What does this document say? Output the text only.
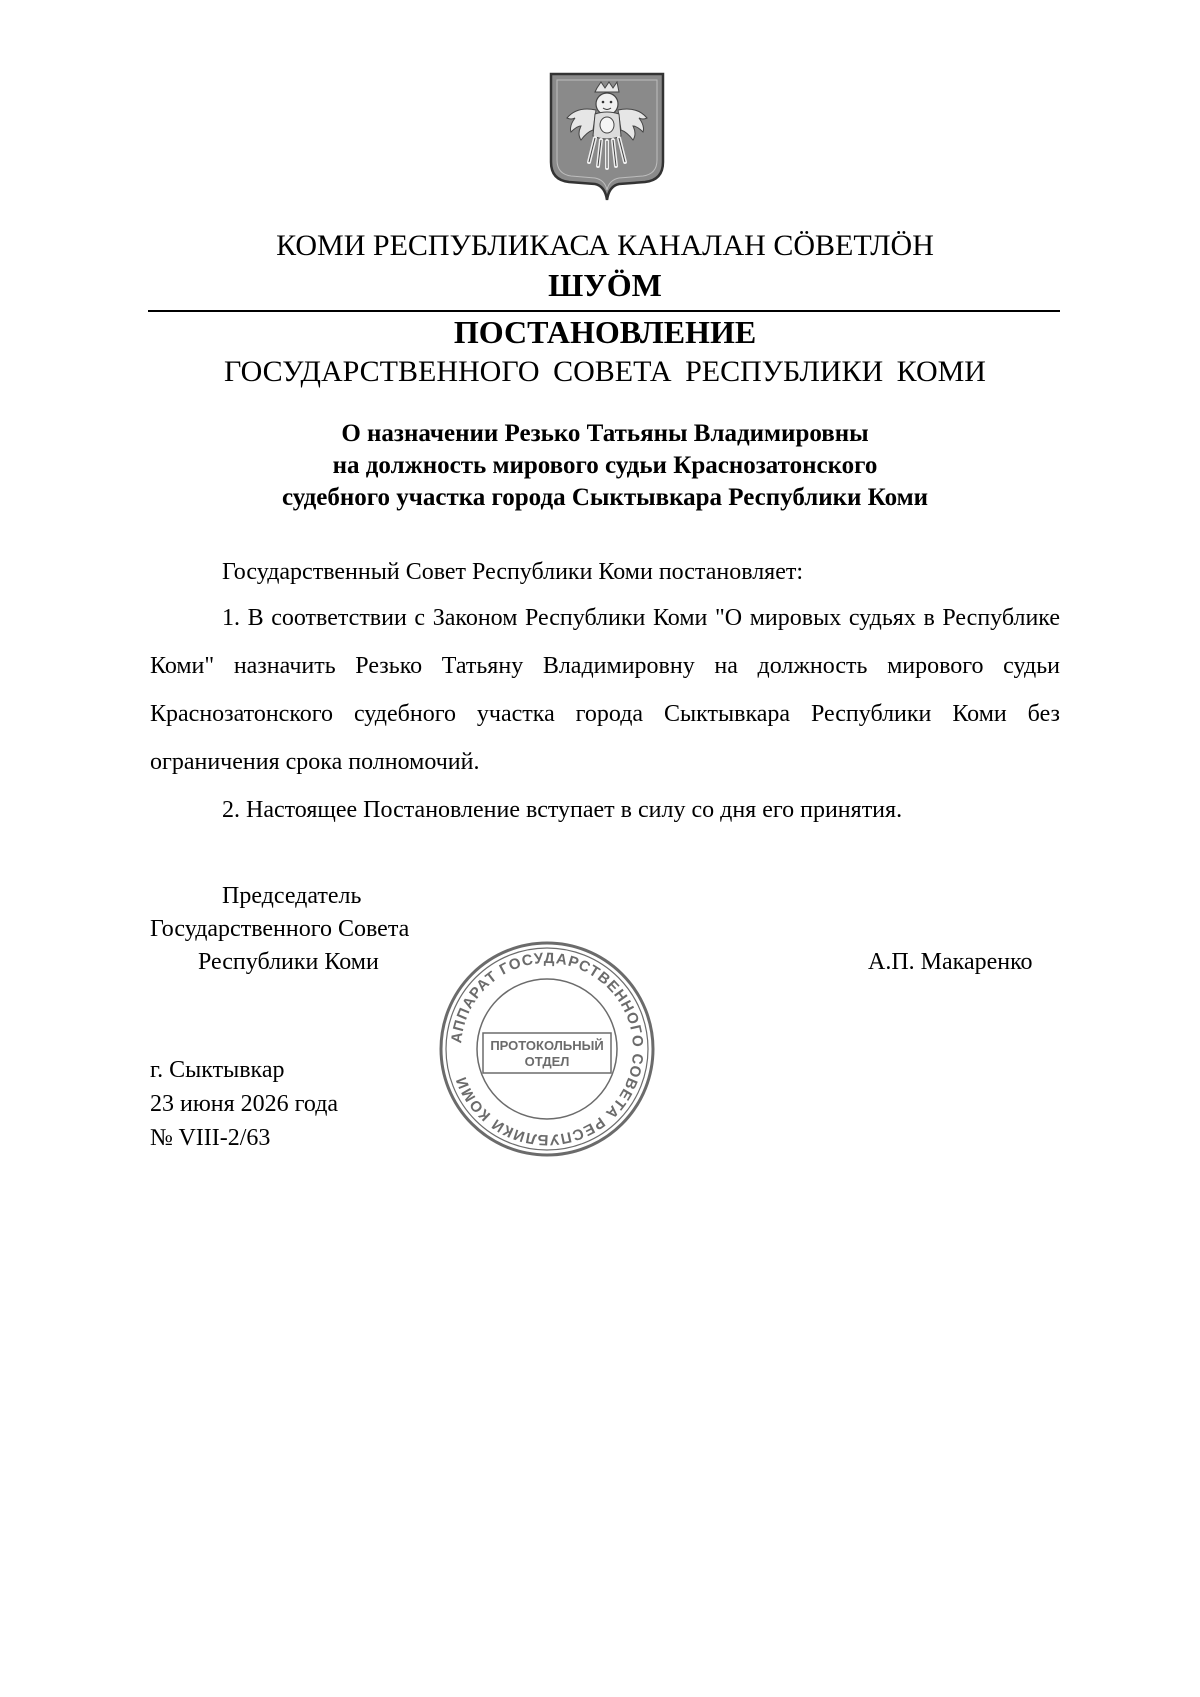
КОМИ РЕСПУБЛИКАСА КАНАЛАН СÖВЕТЛÖН
ШУÖМ
ПОСТАНОВЛЕНИЕ
ГОСУДАРСТВЕННОГО СОВЕТА РЕСПУБЛИКИ КОМИ
О назначении Резько Татьяны Владимировны
на должность мирового судьи Краснозатонского
судебного участка города Сыктывкара Республики Коми

Государственный Совет Республики Коми постановляет:

1. В соответствии с Законом Республики Коми "О мировых судьях в Республике Коми" назначить Резько Татьяну Владимировну на должность мирового судьи Краснозатонского судебного участка города Сыктывкара Республики Коми без ограничения срока полномочий.

2. Настоящее Постановление вступает в силу со дня его принятия.

Председатель
Государственного Совета
Республики Коми	А.П. Макаренко
АППАРАТ ГОСУДАРСТВЕННОГО СОВЕТА РЕСПУБЛИКИ КОМИ
ПРОТОКОЛЬНЫЙ
ОТДЕЛ
г. Сыктывкар
23 июня 2026 года
№ VIII-2/63
